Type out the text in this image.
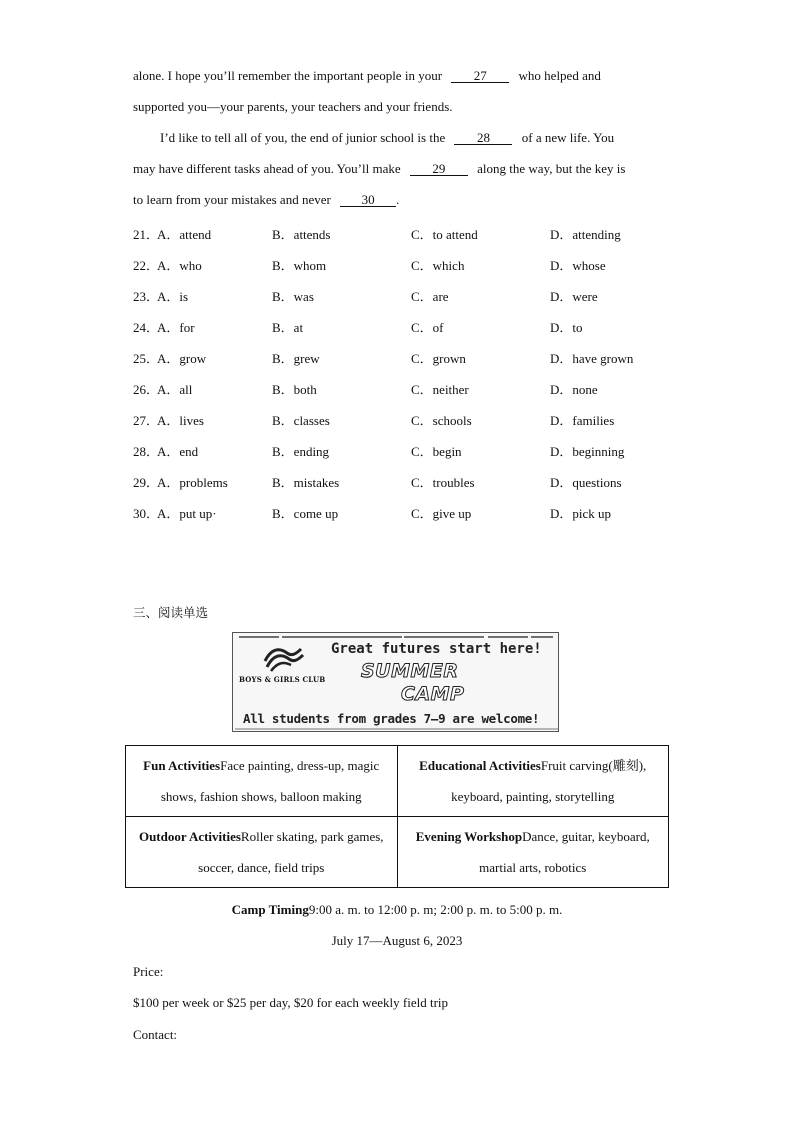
alone. I hope you’ll remember the important people in your 27 who helped and
supported you—your parents, your teachers and your friends.
I’d like to tell all of you, the end of junior school is the 28 of a new life. You
may have different tasks ahead of you. You’ll make 29 along the way, but the key is
to learn from your mistakes and never 30 .
21．
A．attend	B．attends	C．to attend	D．attending
22．
A．who	B．whom	C．which	D．whose
23．
A．is	B．was	C．are	D．were
24．
A．for	B．at	C．of	D．to
25．
A．grow	B．grew	C．grown	D．have grown
26．
A．all	B．both	C．neither	D．none
27．
A．lives	B．classes	C．schools	D．families
28．
A．end	B．ending	C．begin	D．beginning
29．
A．problems	B．mistakes	C．troubles	D．questions
30．
A．put up·	B．come up	C．give up	D．pick up
三、阅读单选
BOYS & GIRLS CLUB
Great futures start here!
SUMMER
CAMP
All students from grades 7–9 are welcome!
Fun ActivitiesFace painting, dress-up, magic shows, fashion shows, balloon making	Educational ActivitiesFruit carving(雕刻), keyboard, painting, storytelling
Outdoor ActivitiesRoller skating, park games, soccer, dance, field trips	Evening WorkshopDance, guitar, keyboard, martial arts, robotics
Camp Timing9:00 a. m. to 12:00 p. m; 2:00 p. m. to 5:00 p. m.
July 17—August 6, 2023
Price:
$100 per week or $25 per day, $20 for each weekly field trip
Contact:
